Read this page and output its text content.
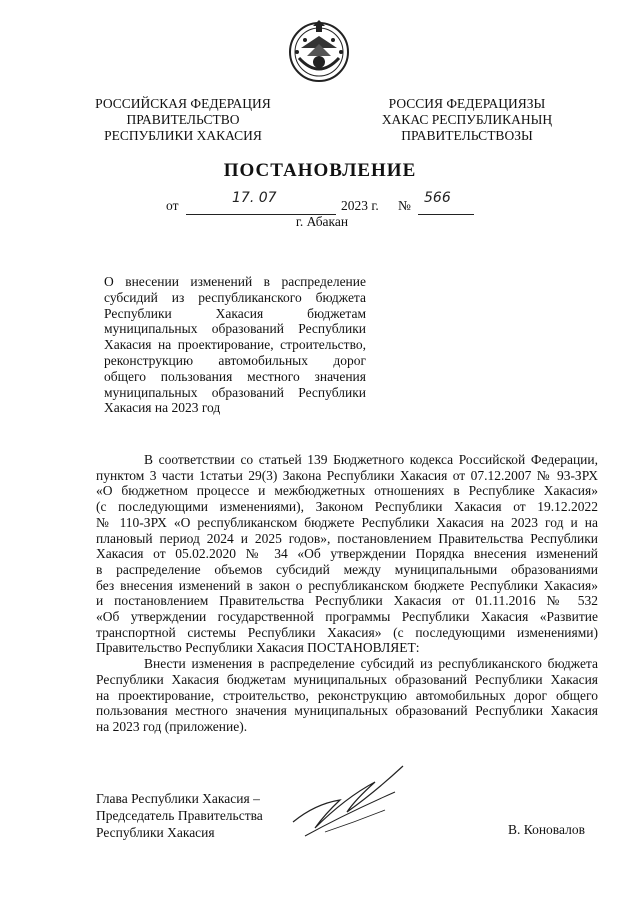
РОССИЙСКАЯ ФЕДЕРАЦИЯ
ПРАВИТЕЛЬСТВО
РЕСПУБЛИКИ ХАКАСИЯ
РОССИЯ ФЕДЕРАЦИЯЗЫ
ХАКАС РЕСПУБЛИКАНЫҢ
ПРАВИТЕЛЬСТВОЗЫ
ПОСТАНОВЛЕНИЕ
от	17. 07	2023 г. № 566
г. Абакан
О внесении изменений в распределение
субсидий из республиканского бюджета
Республики Хакасия бюджетам
муниципальных образований Республики
Хакасия на проектирование, строительство,
реконструкцию автомобильных дорог
общего пользования местного значения
муниципальных образований Республики
Хакасия на 2023 год
В соответствии со статьей 139 Бюджетного кодекса Российской Федерации,
пунктом 3 части 1статьи 29(3) Закона Республики Хакасия от 07.12.2007 № 93-ЗРХ
«О бюджетном процессе и межбюджетных отношениях в Республике Хакасия»
(с последующими изменениями), Законом Республики Хакасия от 19.12.2022
№ 110-ЗРХ «О республиканском бюджете Республики Хакасия на 2023 год и на
плановый период 2024 и 2025 годов», постановлением Правительства Республики
Хакасия от 05.02.2020 № 34 «Об утверждении Порядка внесения изменений
в распределение объемов субсидий между муниципальными образованиями
без внесения изменений в закон о республиканском бюджете Республики Хакасия»
и постановлением Правительства Республики Хакасия от 01.11.2016 № 532
«Об утверждении государственной программы Республики Хакасия «Развитие
транспортной системы Республики Хакасия» (с последующими изменениями)
Правительство Республики Хакасия ПОСТАНОВЛЯЕТ:
Внести изменения в распределение субсидий из республиканского бюджета
Республики Хакасия бюджетам муниципальных образований Республики Хакасия
на проектирование, строительство, реконструкцию автомобильных дорог общего
пользования местного значения муниципальных образований Республики Хакасия
на 2023 год (приложение).
Глава Республики Хакасия –
Председатель Правительства
Республики Хакасия	В. Коновалов
